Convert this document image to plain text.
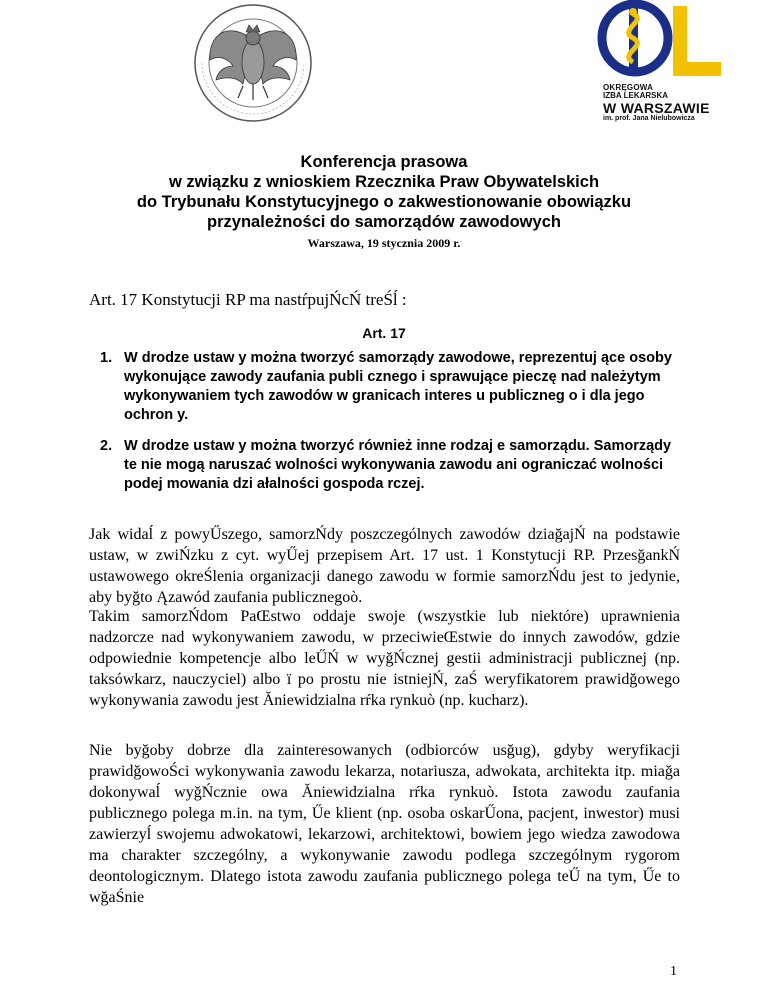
OKRĘGOWA
IZBA LEKARSKA
W WARSZAWIE
im. prof. Jana Nielubowicza
Konferencja prasowa
w związku z wnioskiem Rzecznika Praw Obywatelskich
do Trybunału Konstytucyjnego o zakwestionowanie obowiązku
przynależności do samorządów zawodowych
Warszawa, 19 stycznia 2009 r.
Art. 17 Konstytucji RP ma nastŕpujŃcŃ treŚĺ :
Art. 17
1. W drodze ustaw y można tworzyć samorządy zawodowe, reprezentuj ące osoby wykonujące zawody zaufania publi cznego i sprawujące pieczę nad należytym wykonywaniem tych zawodów w granicach interes u publiczneg o i dla jego ochron y.
2. W drodze ustaw y można tworzyć również inne rodzaj e samorządu. Samorządy te nie mogą naruszać wolności wykonywania zawodu ani ograniczać wolności podej mowania dzi ałalności gospoda rczej.

Jak widaĺ z powyŰszego, samorzŃdy poszczególnych zawodów dziağajŃ na podstawie ustaw, w zwiŃzku z cyt. wyŰej przepisem Art. 17 ust. 1 Konstytucji RP. PrzesğankŃ ustawowego okreŚlenia organizacji danego zawodu w formie samorzŃdu jest to jedynie, aby byğto Ązawód zaufania publicznegoò.

Takim samorzŃdom PaŒstwo oddaje swoje (wszystkie lub niektóre) uprawnienia nadzorcze nad wykonywaniem zawodu, w przeciwieŒstwie do innych zawodów, gdzie odpowiednie kompetencje albo leŰŃ w wyğŃcznej gestii administracji publicznej (np. taksówkarz, nauczyciel) albo ï po prostu nie istniejŃ, zaŚ weryfikatorem prawidğowego wykonywania zawodu jest Ăniewidzialna rŕka rynkuò (np. kucharz).

Nie byğoby dobrze dla zainteresowanych (odbiorców usğug), gdyby weryfikacji prawidğowoŚci wykonywania zawodu lekarza, notariusza, adwokata, architekta itp. miağa dokonywaĺ wyğŃcznie owa Ăniewidzialna rŕka rynkuò. Istota zawodu zaufania publicznego polega m.in. na tym, Űe klient (np. osoba oskarŰona, pacjent, inwestor) musi zawierzyĺ swojemu adwokatowi, lekarzowi, architektowi, bowiem jego wiedza zawodowa ma charakter szczególny, a wykonywanie zawodu podlega szczególnym rygorom deontologicznym. Dlatego istota zawodu zaufania publicznego polega teŰ na tym, Űe to wğaŚnie

1
